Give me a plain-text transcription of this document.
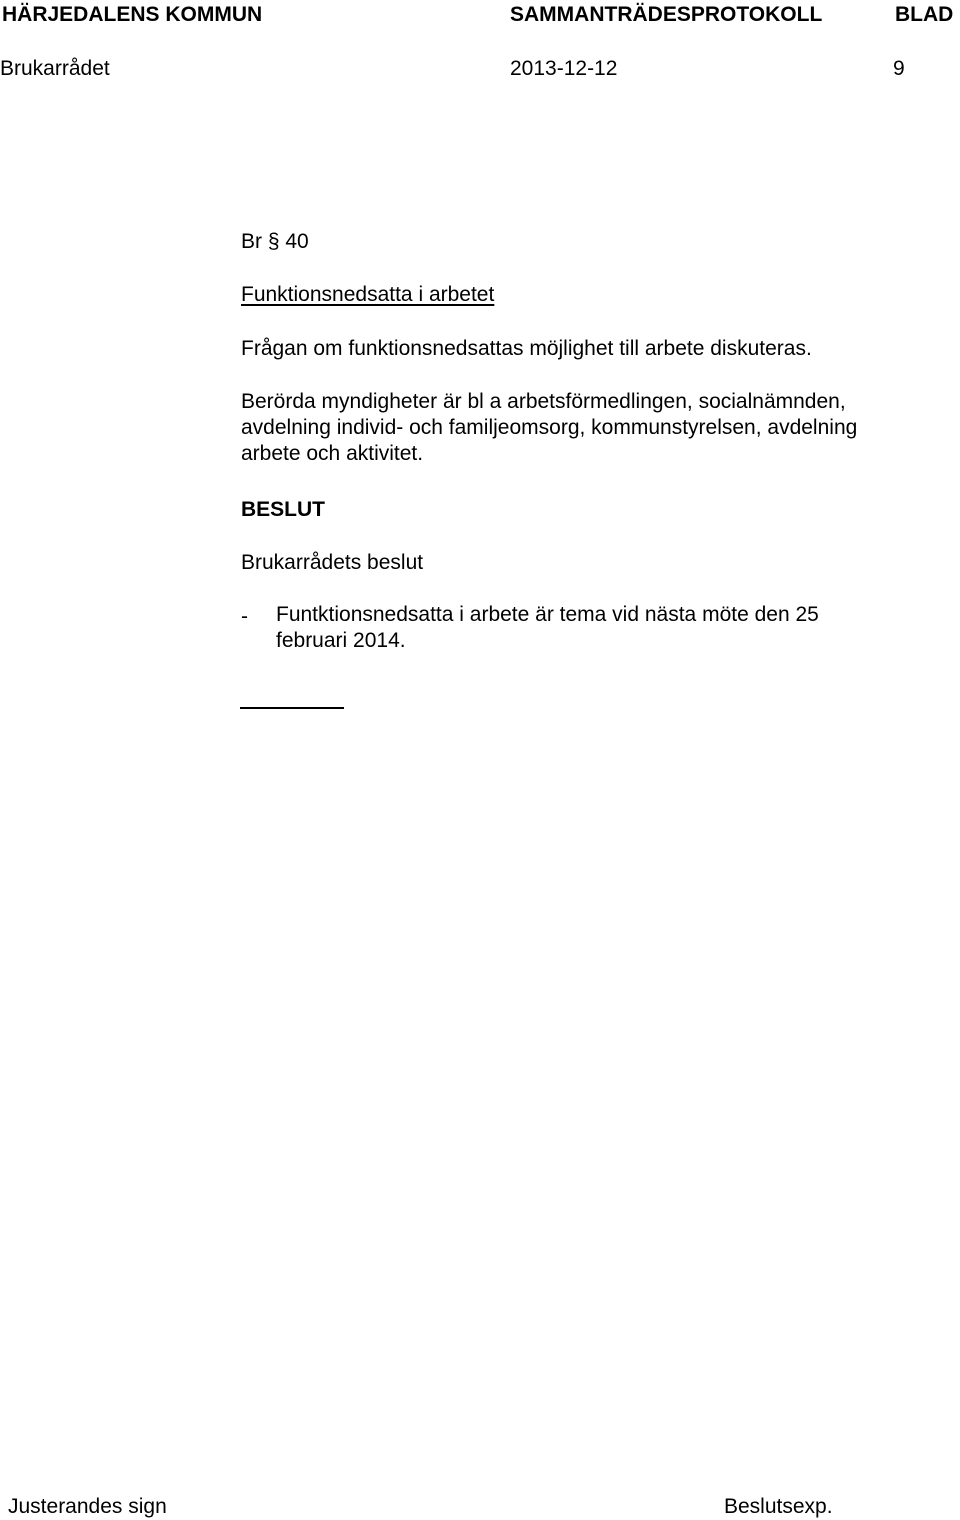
HÄRJEDALENS KOMMUN	SAMMANTRÄDESPROTOKOLL	BLAD
Brukarrådet	2013-12-12	9
Br § 40
Funktionsnedsatta i arbetet
Frågan om funktionsnedsattas möjlighet till arbete diskuteras.
Berörda myndigheter är bl a arbetsförmedlingen, socialnämnden,
avdelning individ- och familjeomsorg, kommunstyrelsen, avdelning
arbete och aktivitet.
BESLUT
Brukarrådets beslut
- Funtktionsnedsatta i arbete är tema vid nästa möte den 25
februari 2014.
Justerandes sign	Beslutsexp.
